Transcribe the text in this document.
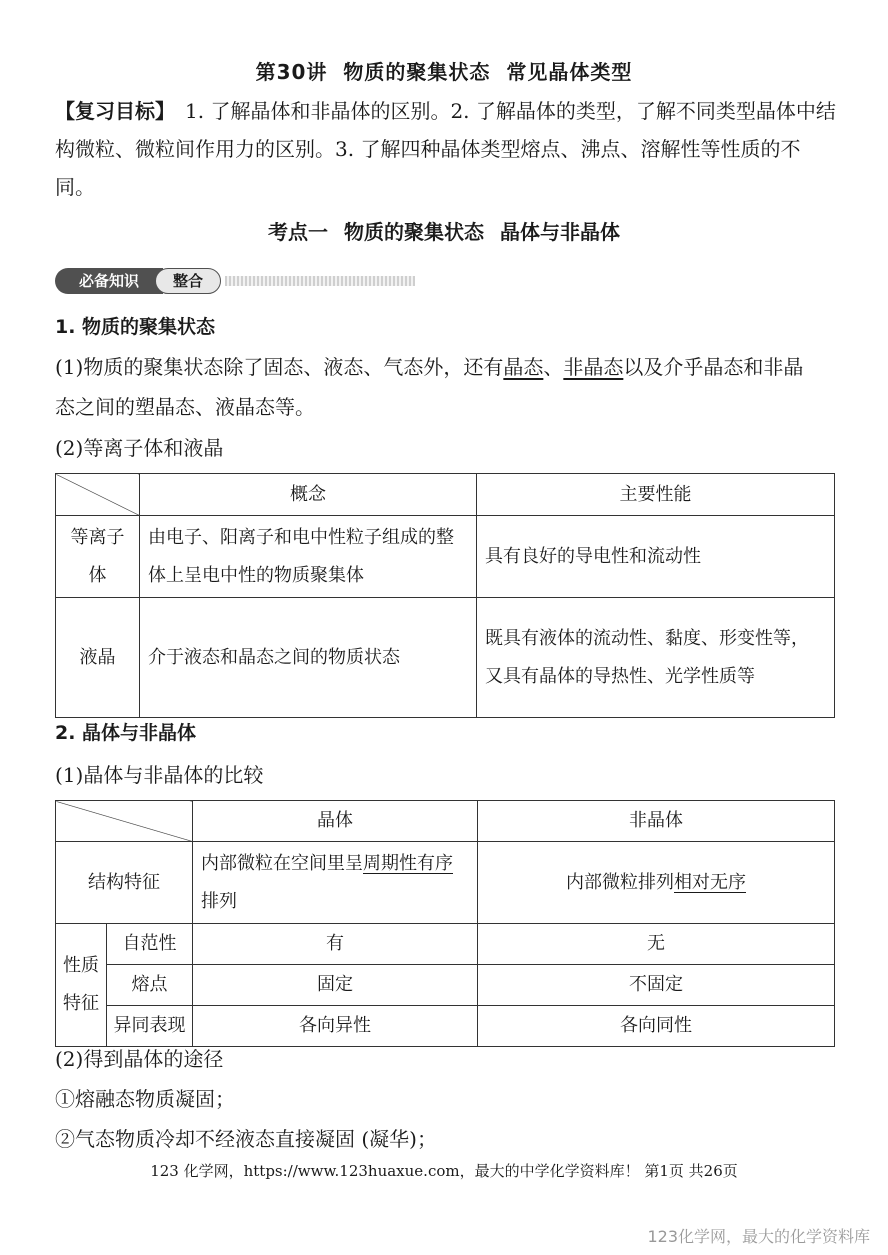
第30讲 物质的聚集状态 常见晶体类型
【复习目标】 1. 了解晶体和非晶体的区别。2. 了解晶体的类型，了解不同类型晶体中结构微粒、微粒间作用力的区别。3. 了解四种晶体类型熔点、沸点、溶解性等性质的不同。
考点一 物质的聚集状态 晶体与非晶体
必备知识	整合
1. 物质的聚集状态
(1)物质的聚集状态除了固态、液态、气态外，还有晶态、非晶态以及介乎晶态和非晶
态之间的塑晶态、液晶态等。
(2)等离子体和液晶
	概念	主要性能
等离子体	由电子、阳离子和电中性粒子组成的整体上呈电中性的物质聚集体	具有良好的导电性和流动性
液晶	介于液态和晶态之间的物质状态	既具有液体的流动性、黏度、形变性等，又具有晶体的导热性、光学性质等
2. 晶体与非晶体
(1)晶体与非晶体的比较
		晶体	非晶体
结构特征		内部微粒在空间里呈周期性有序排列	内部微粒排列相对无序
性质特征	自范性	有	无
	熔点	固定	不固定
	异同表现	各向异性	各向同性
(2)得到晶体的途径
①熔融态物质凝固；
②气态物质冷却不经液态直接凝固 (凝华)；
123 化学网，https://www.123huaxue.com，最大的中学化学资料库！ 第1页 共26页
123化学网，最大的化学资料库
